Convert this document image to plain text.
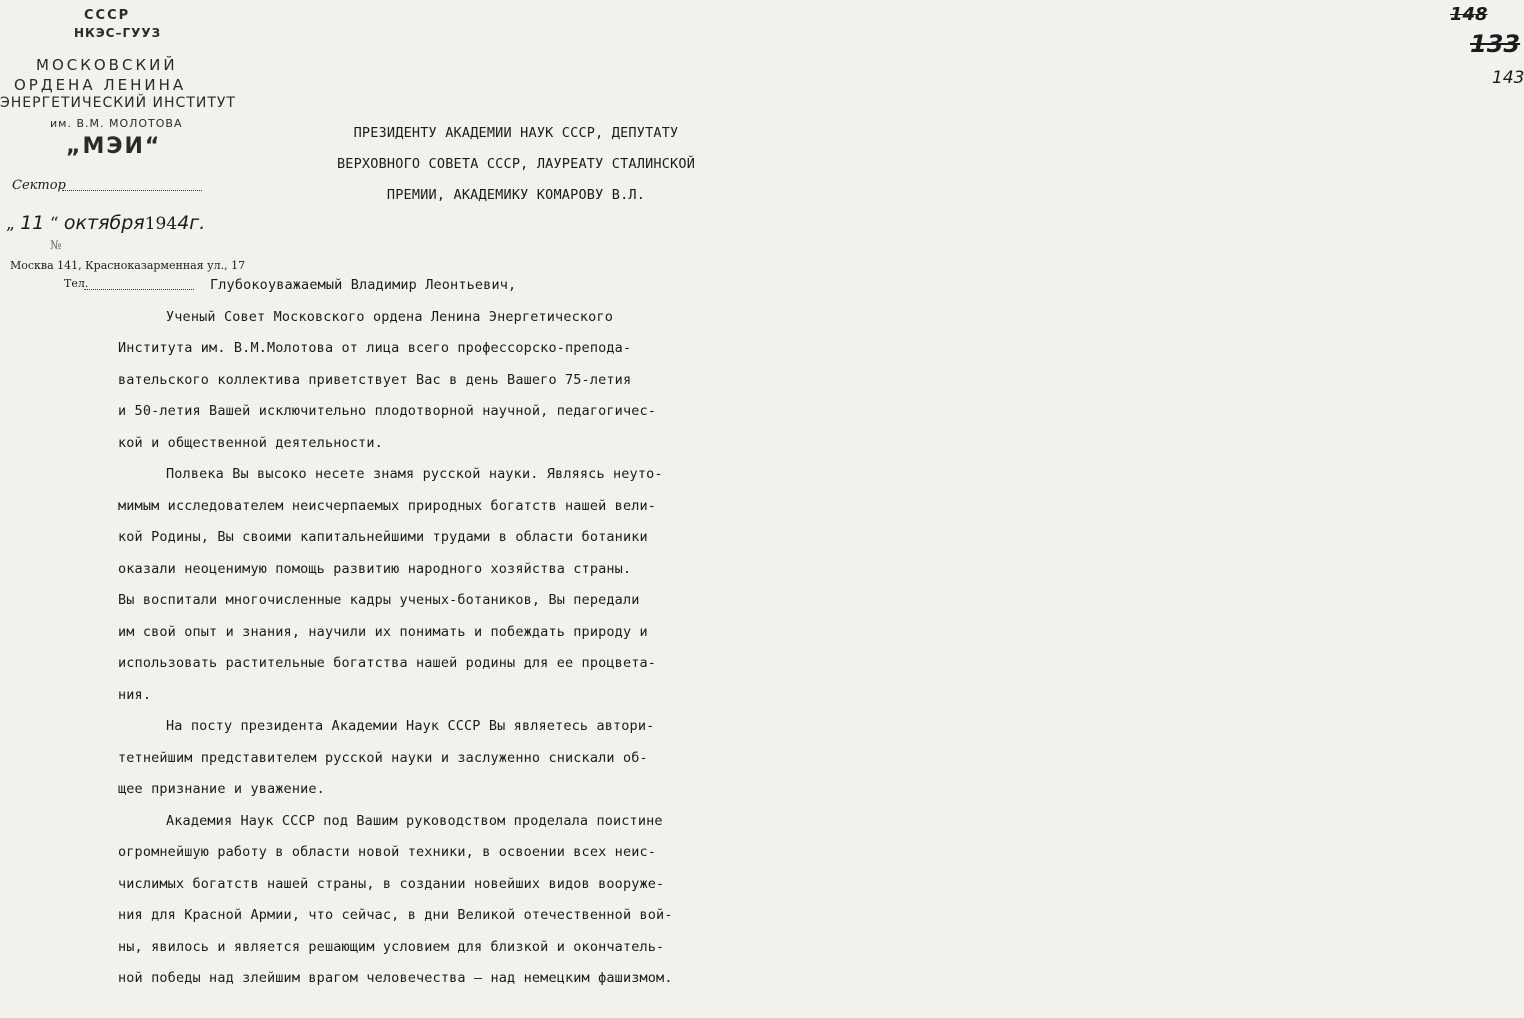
СССР
НКЭС–ГУУЗ
МОСКОВСКИЙ
ОРДЕНА ЛЕНИНА
ЭНЕРГЕТИЧЕСКИЙ ИНСТИТУТ
им. В.М. МОЛОТОВА
„МЭИ“
Сектор
„ 11 “ октября1944г.
№
Москва 141, Красноказарменная ул., 17
Тел.
148
133
143
ПРЕЗИДЕНТУ АКАДЕМИИ НАУК СССР, ДЕПУТАТУ
ВЕРХОВНОГО СОВЕТА СССР, ЛАУРЕАТУ СТАЛИНСКОЙ
ПРЕМИИ, АКАДЕМИКУ КОМАРОВУ В.Л.
Глубокоуважаемый Владимир Леонтьевич,
Ученый Совет Московского ордена Ленина Энергетического
Института им. В.М.Молотова от лица всего профессорско-препода-
вательского коллектива приветствует Вас в день Вашего 75-летия
и 50-летия Вашей исключительно плодотворной научной, педагогичес-
кой и общественной деятельности.
Полвека Вы высоко несете знамя русской науки. Являясь неуто-
мимым исследователем неисчерпаемых природных богатств нашей вели-
кой Родины, Вы своими капитальнейшими трудами в области ботаники
оказали неоценимую помощь развитию народного хозяйства страны.
Вы воспитали многочисленные кадры ученых-ботаников, Вы передали
им свой опыт и знания, научили их понимать и побеждать природу и
использовать растительные богатства нашей родины для ее процвета-
ния.
На посту президента Академии Наук СССР Вы являетесь автори-
тетнейшим представителем русской науки и заслуженно снискали об-
щее признание и уважение.
Академия Наук СССР под Вашим руководством проделала поистине
огромнейшую работу в области новой техники, в освоении всех неис-
числимых богатств нашей страны, в создании новейших видов вооруже-
ния для Красной Армии, что сейчас, в дни Великой отечественной вой-
ны, явилось и является решающим условием для близкой и окончатель-
ной победы над злейшим врагом человечества – над немецким фашизмом.
